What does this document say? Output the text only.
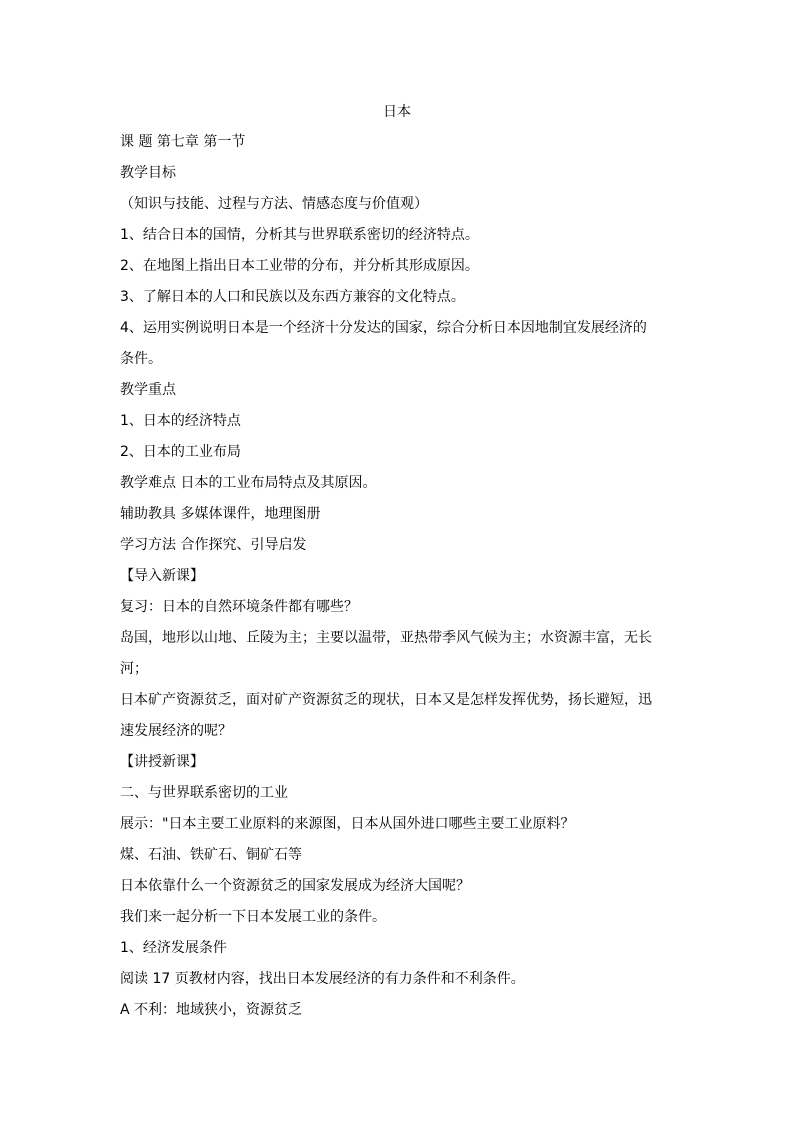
日本
课 题 第七章 第一节
教学目标
（知识与技能、过程与方法、情感态度与价值观）
1、结合日本的国情，分析其与世界联系密切的经济特点。
2、在地图上指出日本工业带的分布，并分析其形成原因。
3、了解日本的人口和民族以及东西方兼容的文化特点。
4、运用实例说明日本是一个经济十分发达的国家，综合分析日本因地制宜发展经济的
条件。
教学重点
1、日本的经济特点
2、日本的工业布局
教学难点 日本的工业布局特点及其原因。
辅助教具 多媒体课件，地理图册
学习方法 合作探究、引导启发
【导入新课】
复习：日本的自然环境条件都有哪些？
岛国，地形以山地、丘陵为主；主要以温带，亚热带季风气候为主；水资源丰富，无长
河；
日本矿产资源贫乏，面对矿产资源贫乏的现状，日本又是怎样发挥优势，扬长避短，迅
速发展经济的呢？
【讲授新课】
二、与世界联系密切的工业
展示："日本主要工业原料的来源图，日本从国外进口哪些主要工业原料？
煤、石油、铁矿石、铜矿石等
日本依靠什么一个资源贫乏的国家发展成为经济大国呢？
我们来一起分析一下日本发展工业的条件。
1、经济发展条件
阅读 17 页教材内容，找出日本发展经济的有力条件和不利条件。
A 不利：地域狭小，资源贫乏
